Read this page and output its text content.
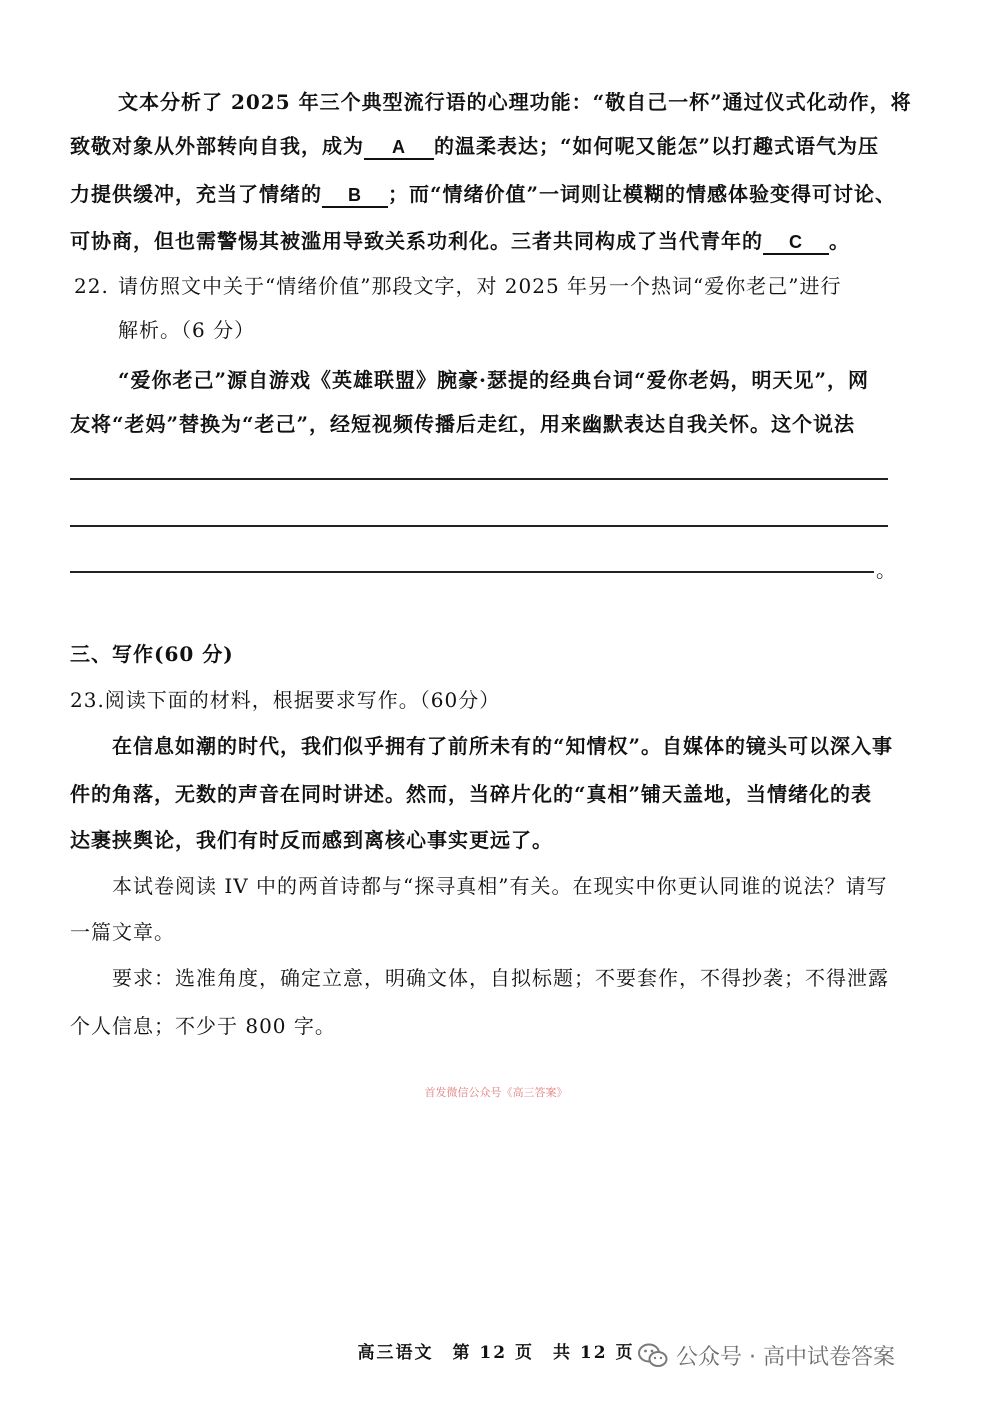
文本分析了 2025 年三个典型流行语的心理功能：“敬自己一杯”通过仪式化动作，将
致敬对象从外部转向自我，成为 A 的温柔表达；“如何呢又能怎”以打趣式语气为压
力提供缓冲，充当了情绪的 B ；而“情绪价值”一词则让模糊的情感体验变得可讨论、
可协商，但也需警惕其被滥用导致关系功利化。三者共同构成了当代青年的 C 。
22. 请仿照文中关于“情绪价值”那段文字，对 2025 年另一个热词“爱你老己”进行
解析。（6 分）
“爱你老己”源自游戏《英雄联盟》腕豪·瑟提的经典台词“爱你老妈，明天见”，网
友将“老妈”替换为“老己”，经短视频传播后走红，用来幽默表达自我关怀。这个说法
。
三、写作(60 分)
23.阅读下面的材料，根据要求写作。（60分）
在信息如潮的时代，我们似乎拥有了前所未有的“知情权”。自媒体的镜头可以深入事
件的角落，无数的声音在同时讲述。然而，当碎片化的“真相”铺天盖地，当情绪化的表
达裹挟舆论，我们有时反而感到离核心事实更远了。
本试卷阅读 IV 中的两首诗都与“探寻真相”有关。在现实中你更认同谁的说法？请写
一篇文章。
要求：选准角度，确定立意，明确文体，自拟标题；不要套作，不得抄袭；不得泄露
个人信息；不少于 800 字。
首发微信公众号《高三答案》
高三语文　第 12 页　共 12 页	公众号 · 高中试卷答案
